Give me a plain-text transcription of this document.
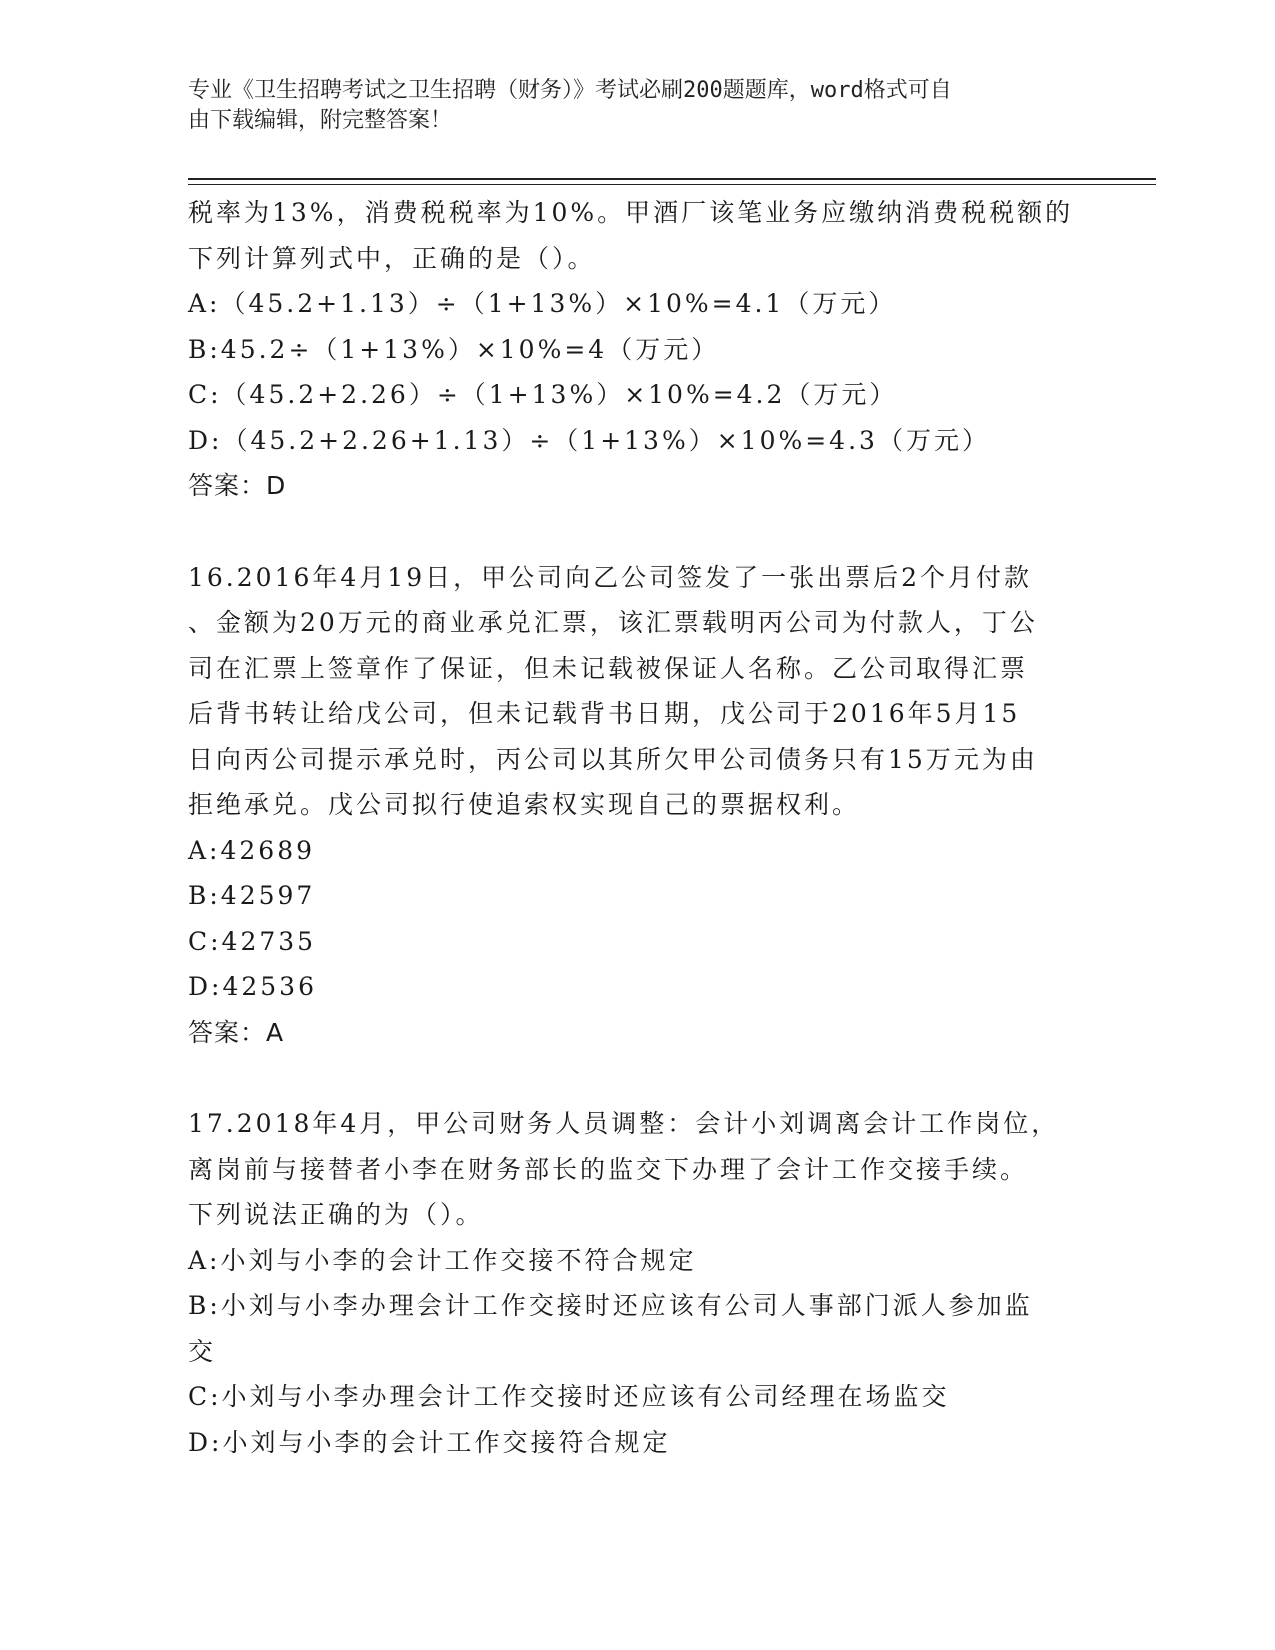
专业《卫生招聘考试之卫生招聘（财务）》考试必刷200题题库，word格式可自
由下载编辑，附完整答案！
税率为13%，消费税税率为10%。甲酒厂该笔业务应缴纳消费税税额的
下列计算列式中，正确的是（）。
A:（45.2+1.13）÷（1+13%）×10%=4.1（万元）
B:45.2÷（1+13%）×10%=4（万元）
C:（45.2+2.26）÷（1+13%）×10%=4.2（万元）
D:（45.2+2.26+1.13）÷（1+13%）×10%=4.3（万元）
答案：D
16.2016年4月19日，甲公司向乙公司签发了一张出票后2个月付款
、金额为20万元的商业承兑汇票，该汇票载明丙公司为付款人，丁公
司在汇票上签章作了保证，但未记载被保证人名称。乙公司取得汇票
后背书转让给戊公司，但未记载背书日期，戊公司于2016年5月15
日向丙公司提示承兑时，丙公司以其所欠甲公司债务只有15万元为由
拒绝承兑。戊公司拟行使追索权实现自己的票据权利。
A:42689
B:42597
C:42735
D:42536
答案：A
17.2018年4月，甲公司财务人员调整：会计小刘调离会计工作岗位，
离岗前与接替者小李在财务部长的监交下办理了会计工作交接手续。
下列说法正确的为（）。
A:小刘与小李的会计工作交接不符合规定
B:小刘与小李办理会计工作交接时还应该有公司人事部门派人参加监
交
C:小刘与小李办理会计工作交接时还应该有公司经理在场监交
D:小刘与小李的会计工作交接符合规定
